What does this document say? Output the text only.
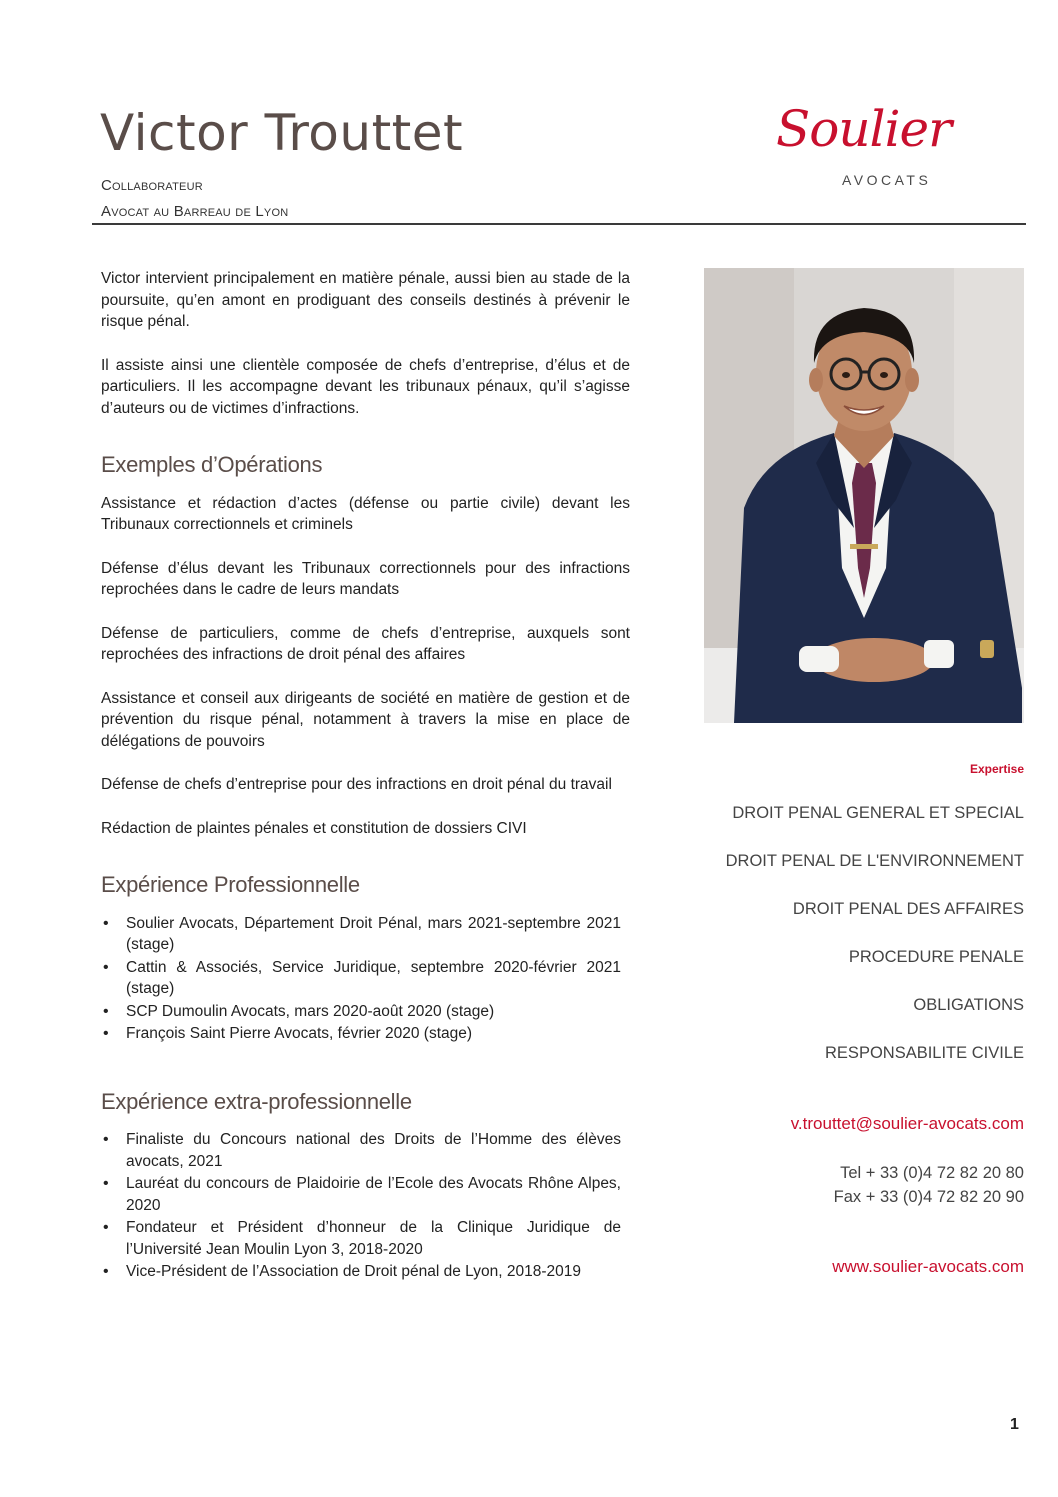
Victor Trouttet
Collaborateur
Avocat au Barreau de Lyon
Soulier
AVOCATS

Victor intervient principalement en matière pénale, aussi bien au stade de la poursuite, qu’en amont en prodiguant des conseils destinés à prévenir le risque pénal.

Il assiste ainsi une clientèle composée de chefs d’entreprise, d’élus et de particuliers. Il les accompagne devant les tribunaux pénaux, qu’il s’agisse d’auteurs ou de victimes d’infractions.

Exemples d’Opérations

Assistance et rédaction d’actes (défense ou partie civile) devant les Tribunaux correctionnels et criminels

Défense d’élus devant les Tribunaux correctionnels pour des infractions reprochées dans le cadre de leurs mandats

Défense de particuliers, comme de chefs d’entreprise, auxquels sont reprochées des infractions de droit pénal des affaires

Assistance et conseil aux dirigeants de société en matière de gestion et de prévention du risque pénal, notamment à travers la mise en place de délégations de pouvoirs

Défense de chefs d’entreprise pour des infractions en droit pénal du travail

Rédaction de plaintes pénales et constitution de dossiers CIVI

Expérience Professionnelle
• Soulier Avocats, Département Droit Pénal, mars 2021-septembre 2021 (stage)
• Cattin & Associés, Service Juridique, septembre 2020-février 2021 (stage)
• SCP Dumoulin Avocats, mars 2020-août 2020 (stage)
• François Saint Pierre Avocats, février 2020 (stage)
Expérience extra-professionnelle
• Finaliste du Concours national des Droits de l’Homme des élèves avocats, 2021
• Lauréat du concours de Plaidoirie de l’Ecole des Avocats Rhône Alpes, 2020
• Fondateur et Président d’honneur de la Clinique Juridique de l’Université Jean Moulin Lyon 3, 2018-2020
• Vice-Président de l’Association de Droit pénal de Lyon, 2018-2019
Expertise
DROIT PENAL GENERAL ET SPECIAL
DROIT PENAL DE L'ENVIRONNEMENT
DROIT PENAL DES AFFAIRES
PROCEDURE PENALE
OBLIGATIONS
RESPONSABILITE CIVILE
v.trouttet@soulier-avocats.com
Tel + 33 (0)4 72 82 20 80
Fax + 33 (0)4 72 82 20 90
www.soulier-avocats.com
1
